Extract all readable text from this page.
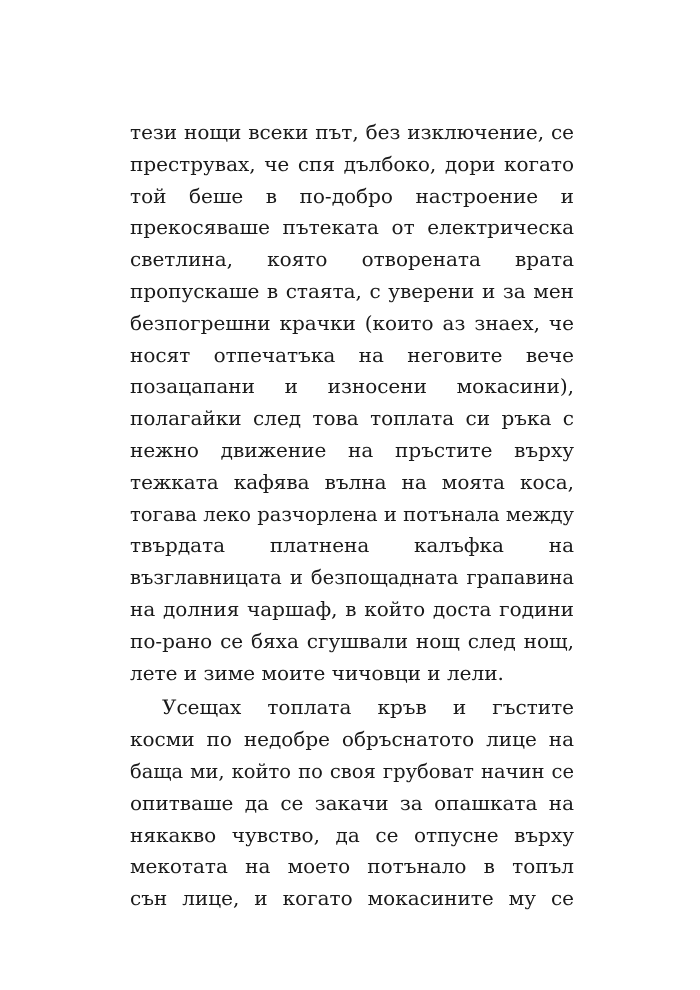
тези нощи всеки път, без изключение, се
преструвах, че спя дълбоко, дори когато
той беше в по-добро настроение и
прекосяваше пътеката от електрическа
светлина, която отворената врата
пропускаше в стаята, с уверени и за мен
безпогрешни крачки (които аз знаех, че
носят отпечатъка на неговите вече
позацапани и износени мокасини),
полагайки след това топлата си ръка с
нежно движение на пръстите върху
тежката кафява вълна на моята коса,
тогава леко разчорлена и потънала между
твърдата платнена калъфка на
възглавницата и безпощадната грапавина
на долния чаршаф, в който доста години
по-рано се бяха сгушвали нощ след нощ,
лете и зиме моите чичовци и лели.
Усещах топлата кръв и гъстите
косми по недобре обръснатото лице на
баща ми, който по своя грубоват начин се
опитваше да се закачи за опашката на
някакво чувство, да се отпусне върху
мекотата на моето потънало в топъл
сън лице, и когато мокасините му се
